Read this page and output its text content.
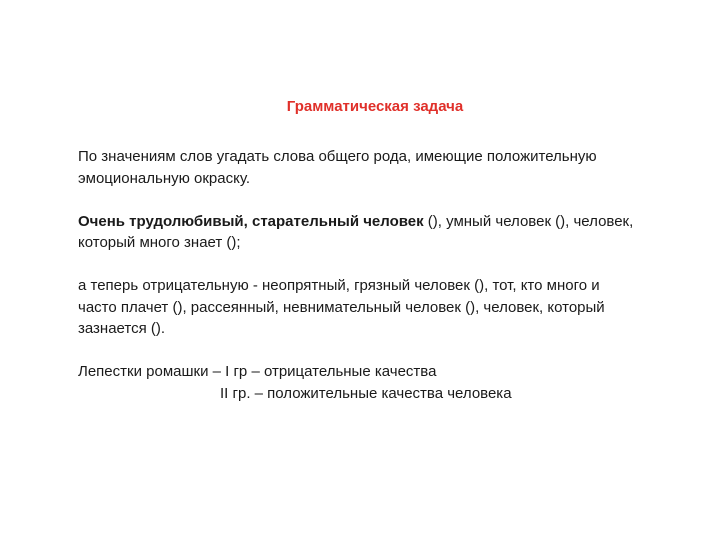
Грамматическая задача

По значениям слов угадать слова общего рода, имеющие положительную
эмоциональную окраску.

Очень трудолюбивый, старательный человек (), умный человек (), человек,
который много знает ();

а теперь отрицательную - неопрятный, грязный человек (), тот, кто много и
часто плачет (), рассеянный, невнимательный человек (), человек, который
зазнается ().

Лепестки ромашки – I гр – отрицательные качества
II гр. – положительные качества человека
